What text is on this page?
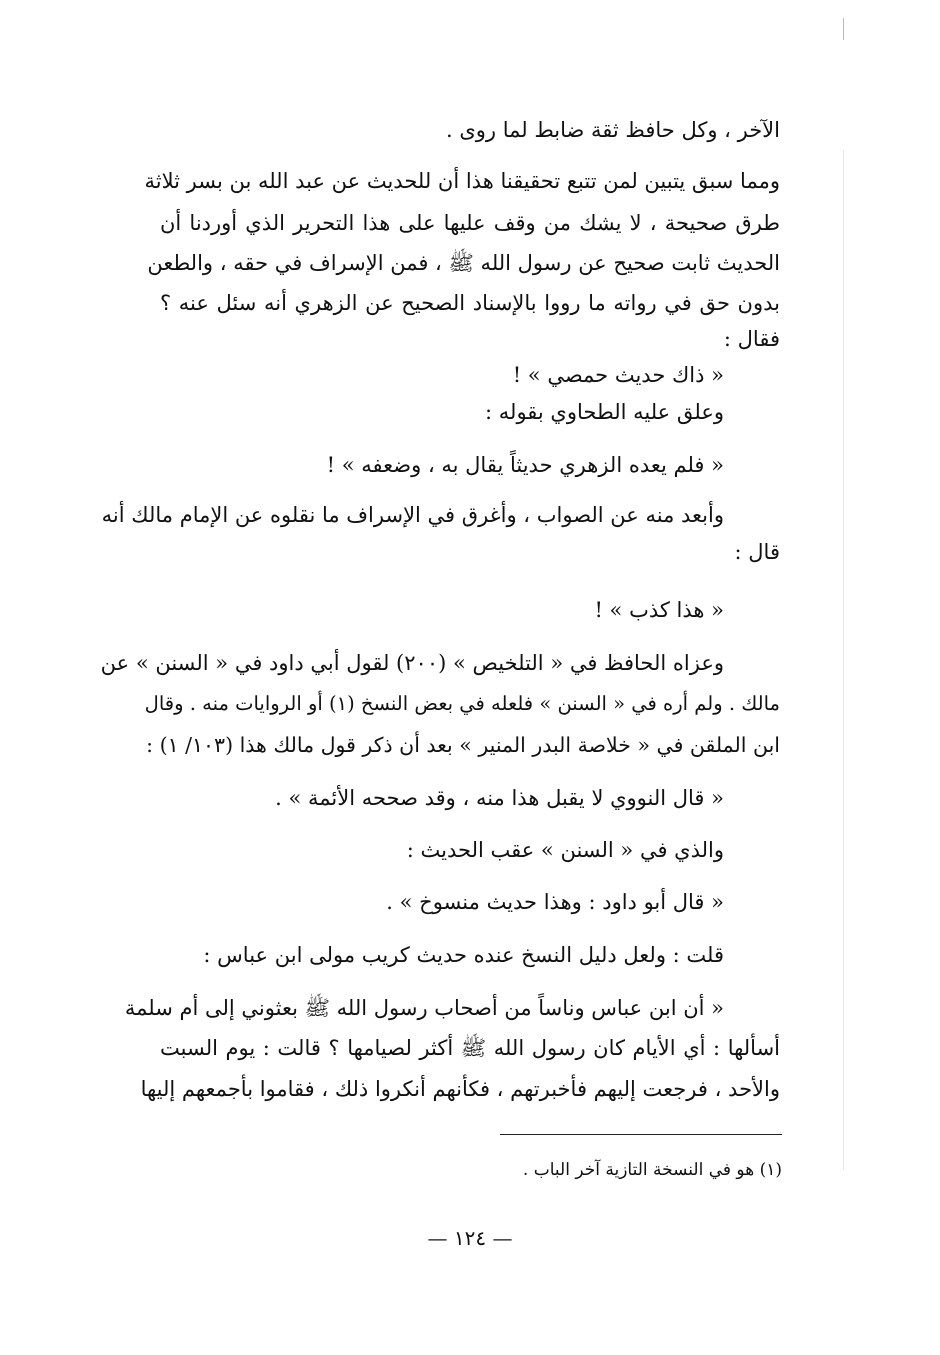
الآخر ، وكل حافظ ثقة ضابط لما روى .
ومما سبق يتبين لمن تتبع تحقيقنا هذا أن للحديث عن عبد الله بن بسر ثلاثة
طرق صحيحة ، لا يشك من وقف عليها على هذا التحرير الذي أوردنا أن
الحديث ثابت صحيح عن رسول الله ﷺ ، فمن الإسراف في حقه ، والطعن
بدون حق في رواته ما رووا بالإسناد الصحيح عن الزهري أنه سئل عنه ؟
فقال :
« ذاك حديث حمصي » !
وعلق عليه الطحاوي بقوله :
« فلم يعده الزهري حديثاً يقال به ، وضعفه » !
وأبعد منه عن الصواب ، وأغرق في الإسراف ما نقلوه عن الإمام مالك أنه
قال :
« هذا كذب » !
وعزاه الحافظ في « التلخيص » (٢٠٠) لقول أبي داود في « السنن » عن
مالك . ولم أره في « السنن » فلعله في بعض النسخ (١) أو الروايات منه . وقال
ابن الملقن في « خلاصة البدر المنير » بعد أن ذكر قول مالك هذا (١٠٣/ ١) :
« قال النووي لا يقبل هذا منه ، وقد صححه الأئمة » .
والذي في « السنن » عقب الحديث :
« قال أبو داود : وهذا حديث منسوخ » .
قلت : ولعل دليل النسخ عنده حديث كريب مولى ابن عباس :
« أن ابن عباس وناساً من أصحاب رسول الله ﷺ بعثوني إلى أم سلمة
أسألها : أي الأيام كان رسول الله ﷺ أكثر لصيامها ؟ قالت : يوم السبت
والأحد ، فرجعت إليهم فأخبرتهم ، فكأنهم أنكروا ذلك ، فقاموا بأجمعهم إليها
(١) هو في النسخة التازية آخر الباب .
— ١٢٤ —
